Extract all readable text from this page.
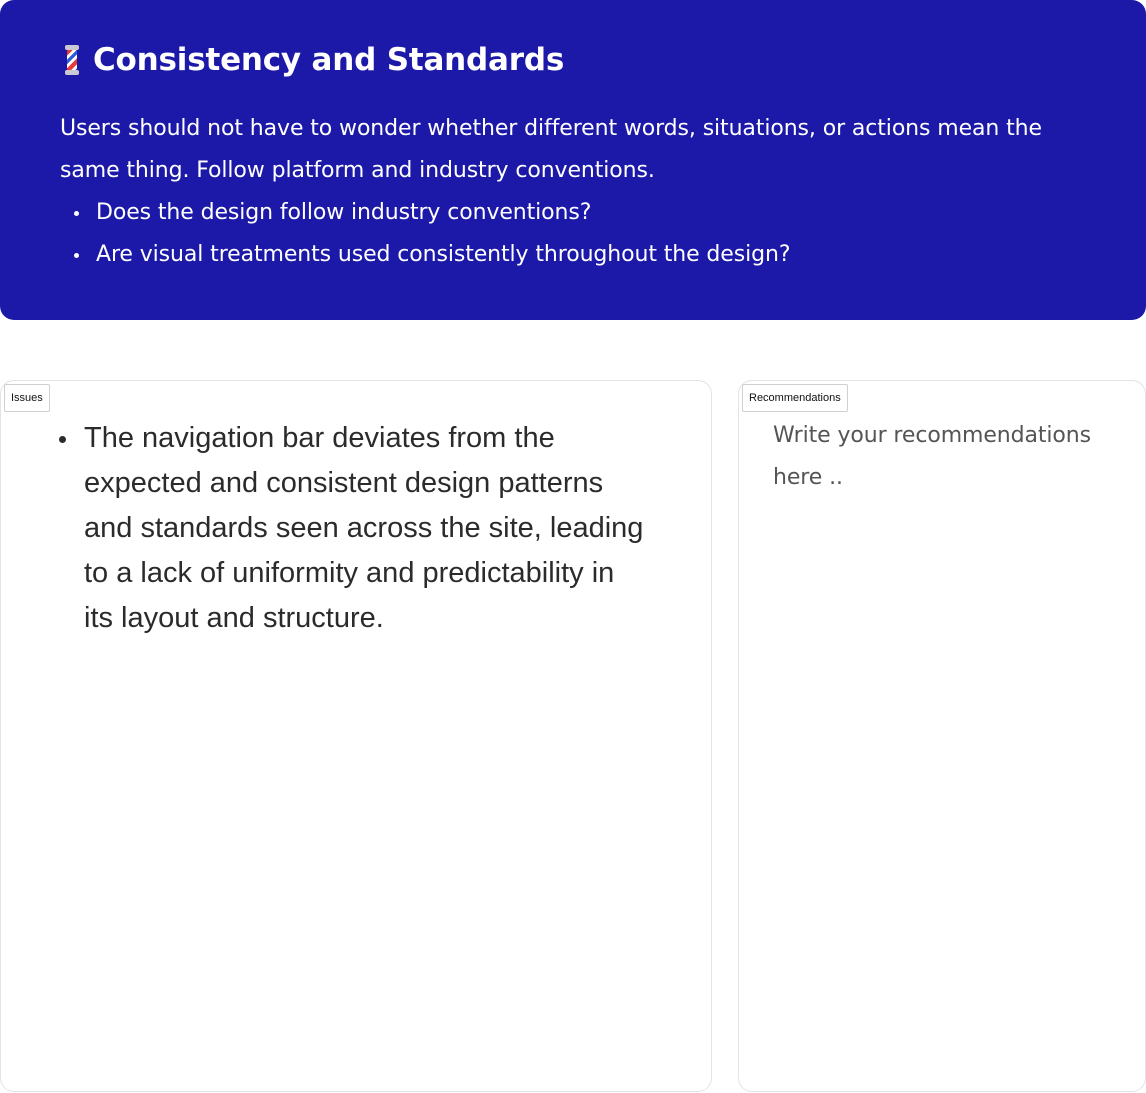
Consistency and Standards
Users should not have to wonder whether different words, situations, or actions mean the same thing. Follow platform and industry conventions.
Does the design follow industry conventions?
Are visual treatments used consistently throughout the design?
Issues
The navigation bar deviates from the expected and consistent design patterns and standards seen across the site, leading to a lack of uniformity and predictability in its layout and structure.
Recommendations
Write your recommendations here ..
